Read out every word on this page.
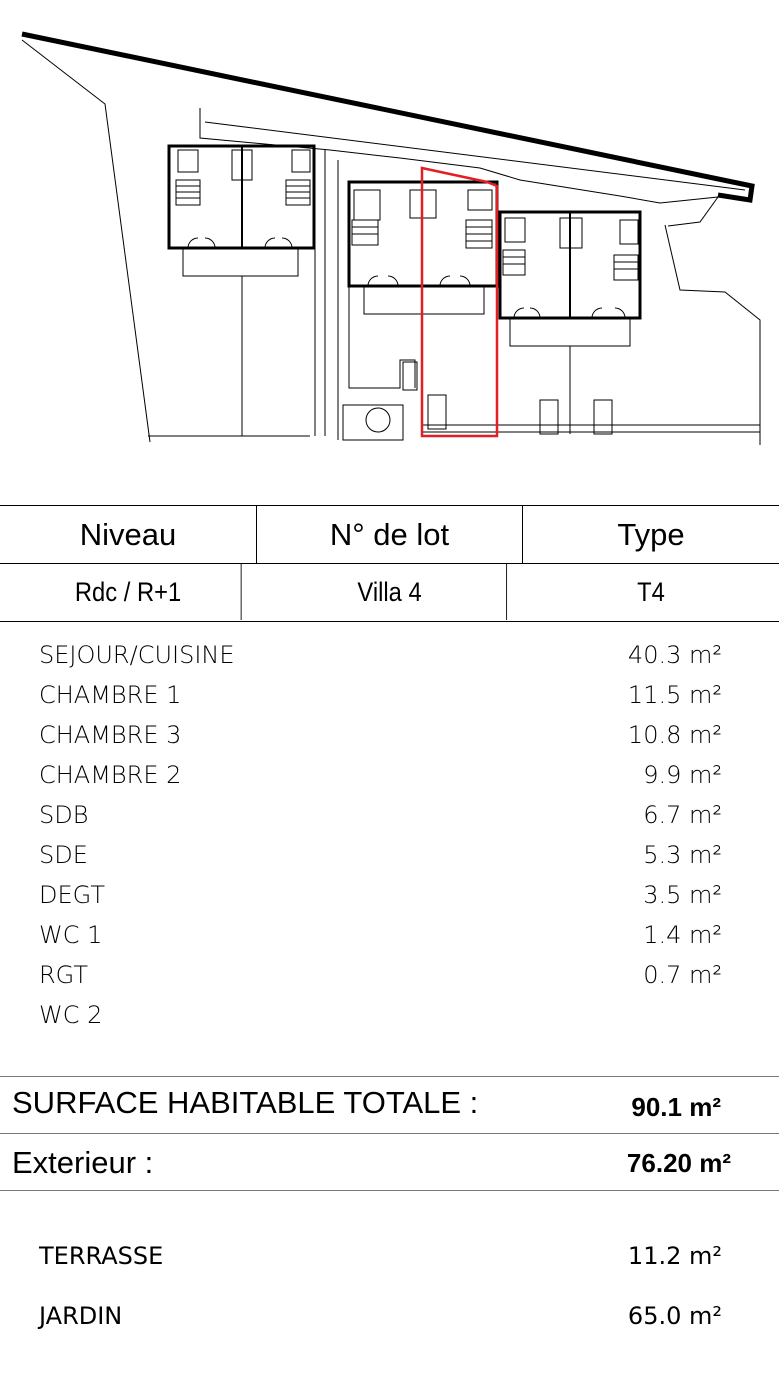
Niveau	N° de lot	Type
Rdc / R+1	Villa 4	T4
SEJOUR/CUISINE	40.3 m²
CHAMBRE 1	11.5 m²
CHAMBRE 3	10.8 m²
CHAMBRE 2	9.9 m²
SDB	6.7 m²
SDE	5.3 m²
DEGT	3.5 m²
WC 1	1.4 m²
RGT	0.7 m²
WC 2
SURFACE HABITABLE TOTALE :	90.1 m²
Exterieur :	76.20 m²
TERRASSE	11.2 m²
JARDIN	65.0 m²
